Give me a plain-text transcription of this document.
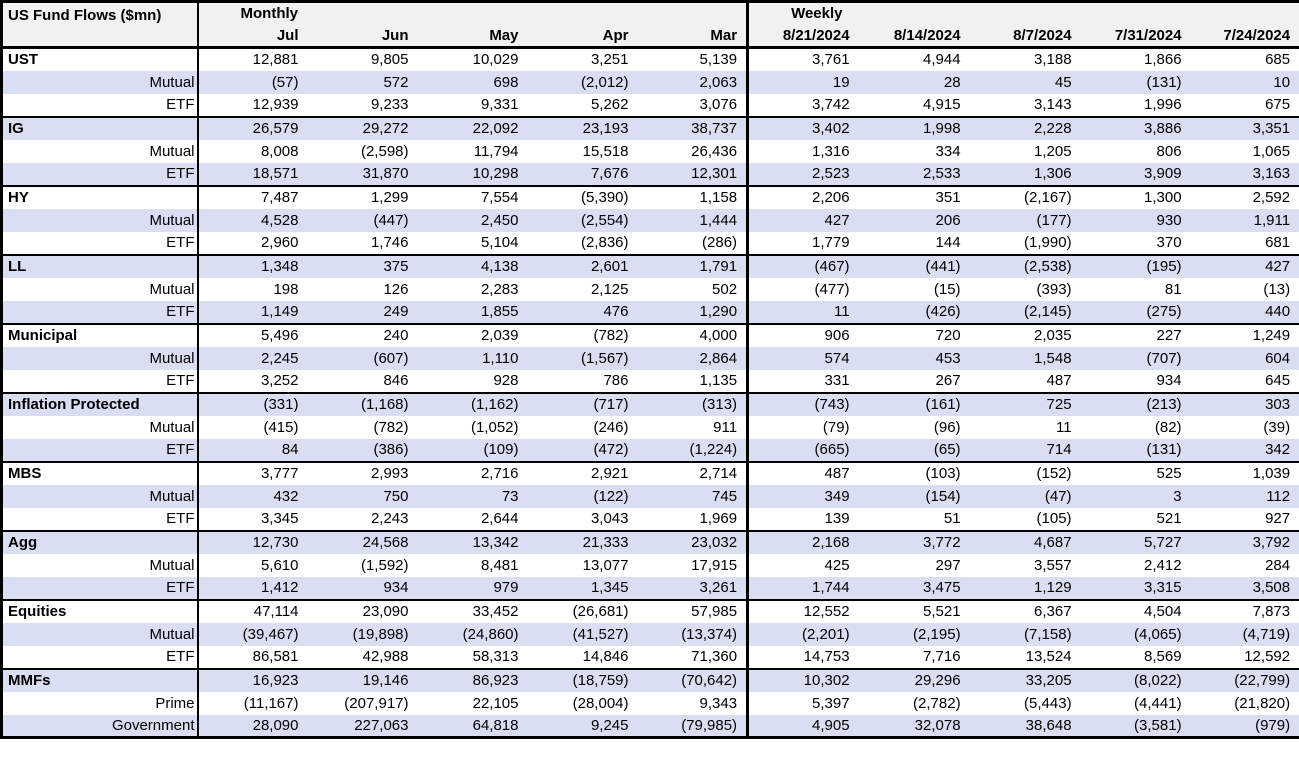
US Fund Flows ($mn)	Monthly					Weekly				
	Jul	Jun	May	Apr	Mar	8/21/2024	8/14/2024	8/7/2024	7/31/2024	7/24/2024
UST	12,881	9,805	10,029	3,251	5,139	3,761	4,944	3,188	1,866	685
Mutual	(57)	572	698	(2,012)	2,063	19	28	45	(131)	10
ETF	12,939	9,233	9,331	5,262	3,076	3,742	4,915	3,143	1,996	675
IG	26,579	29,272	22,092	23,193	38,737	3,402	1,998	2,228	3,886	3,351
Mutual	8,008	(2,598)	11,794	15,518	26,436	1,316	334	1,205	806	1,065
ETF	18,571	31,870	10,298	7,676	12,301	2,523	2,533	1,306	3,909	3,163
HY	7,487	1,299	7,554	(5,390)	1,158	2,206	351	(2,167)	1,300	2,592
Mutual	4,528	(447)	2,450	(2,554)	1,444	427	206	(177)	930	1,911
ETF	2,960	1,746	5,104	(2,836)	(286)	1,779	144	(1,990)	370	681
LL	1,348	375	4,138	2,601	1,791	(467)	(441)	(2,538)	(195)	427
Mutual	198	126	2,283	2,125	502	(477)	(15)	(393)	81	(13)
ETF	1,149	249	1,855	476	1,290	11	(426)	(2,145)	(275)	440
Municipal	5,496	240	2,039	(782)	4,000	906	720	2,035	227	1,249
Mutual	2,245	(607)	1,110	(1,567)	2,864	574	453	1,548	(707)	604
ETF	3,252	846	928	786	1,135	331	267	487	934	645
Inflation Protected	(331)	(1,168)	(1,162)	(717)	(313)	(743)	(161)	725	(213)	303
Mutual	(415)	(782)	(1,052)	(246)	911	(79)	(96)	11	(82)	(39)
ETF	84	(386)	(109)	(472)	(1,224)	(665)	(65)	714	(131)	342
MBS	3,777	2,993	2,716	2,921	2,714	487	(103)	(152)	525	1,039
Mutual	432	750	73	(122)	745	349	(154)	(47)	3	112
ETF	3,345	2,243	2,644	3,043	1,969	139	51	(105)	521	927
Agg	12,730	24,568	13,342	21,333	23,032	2,168	3,772	4,687	5,727	3,792
Mutual	5,610	(1,592)	8,481	13,077	17,915	425	297	3,557	2,412	284
ETF	1,412	934	979	1,345	3,261	1,744	3,475	1,129	3,315	3,508
Equities	47,114	23,090	33,452	(26,681)	57,985	12,552	5,521	6,367	4,504	7,873
Mutual	(39,467)	(19,898)	(24,860)	(41,527)	(13,374)	(2,201)	(2,195)	(7,158)	(4,065)	(4,719)
ETF	86,581	42,988	58,313	14,846	71,360	14,753	7,716	13,524	8,569	12,592
MMFs	16,923	19,146	86,923	(18,759)	(70,642)	10,302	29,296	33,205	(8,022)	(22,799)
Prime	(11,167)	(207,917)	22,105	(28,004)	9,343	5,397	(2,782)	(5,443)	(4,441)	(21,820)
Government	28,090	227,063	64,818	9,245	(79,985)	4,905	32,078	38,648	(3,581)	(979)
